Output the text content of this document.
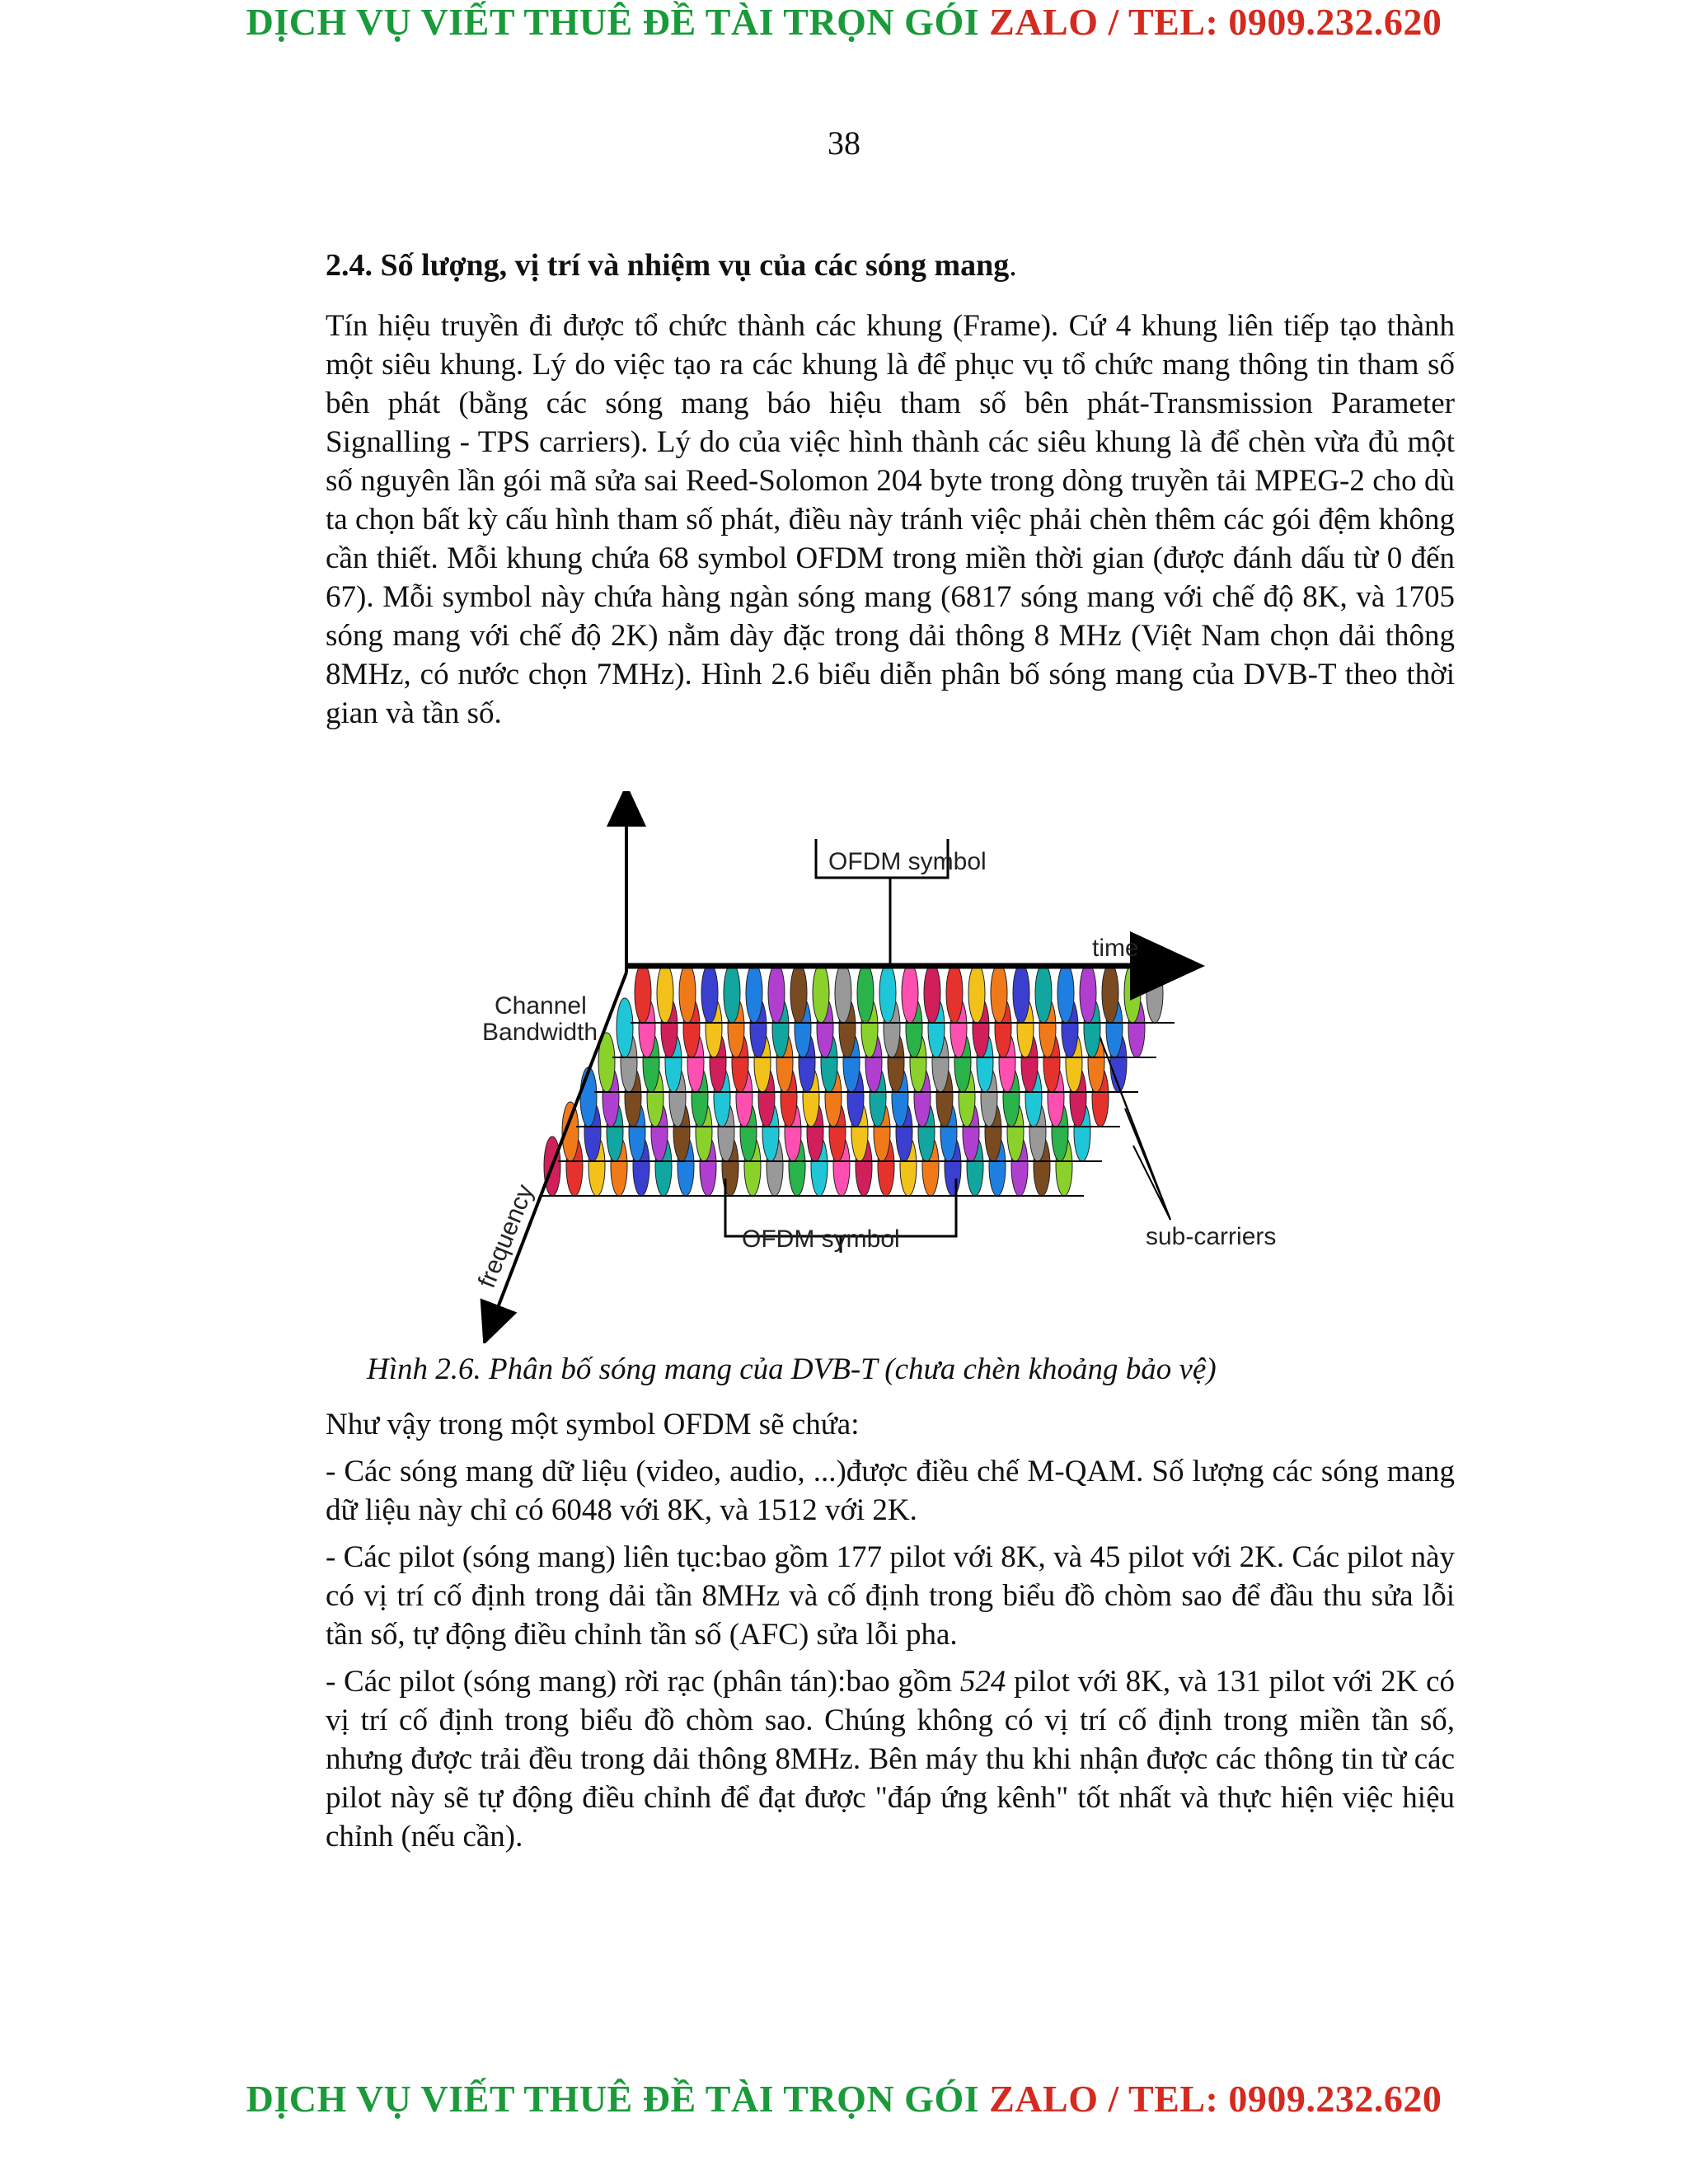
DỊCH VỤ VIẾT THUÊ ĐỀ TÀI TRỌN GÓI ZALO / TEL: 0909.232.620
38
2.4. Số lượng, vị trí và nhiệm vụ của các sóng mang.
Tín hiệu truyền đi được tổ chức thành các khung (Frame). Cứ 4 khung liên tiếp tạo thành một siêu khung. Lý do việc tạo ra các khung là để phục vụ tổ chức mang thông tin tham số bên phát (bằng các sóng mang báo hiệu tham số bên phát-Transmission Parameter Signalling - TPS carriers). Lý do của việc hình thành các siêu khung là để chèn vừa đủ một số nguyên lần gói mã sửa sai Reed-Solomon 204 byte trong dòng truyền tải MPEG-2 cho dù ta chọn bất kỳ cấu hình tham số phát, điều này tránh việc phải chèn thêm các gói đệm không cần thiết. Mỗi khung chứa 68 symbol OFDM trong miền thời gian (được đánh dấu từ 0 đến 67). Mỗi symbol này chứa hàng ngàn sóng mang (6817 sóng mang với chế độ 8K, và 1705 sóng mang với chế độ 2K) nằm dày đặc trong dải thông 8 MHz (Việt Nam chọn dải thông 8MHz, có nước chọn 7MHz). Hình 2.6 biểu diễn phân bố sóng mang của DVB-T theo thời gian và tần số.
OFDM symbol
time
Channel
Bandwidth
OFDM symbol	sub-carriers
frequency
Hình 2.6. Phân bố sóng mang của DVB-T (chưa chèn khoảng bảo vệ)

Như vậy trong một symbol OFDM sẽ chứa:

- Các sóng mang dữ liệu (video, audio, ...)được điều chế M-QAM. Số lượng các sóng mang dữ liệu này chỉ có 6048 với 8K, và 1512 với 2K.

- Các pilot (sóng mang) liên tục:bao gồm 177 pilot với 8K, và 45 pilot với 2K. Các pilot này có vị trí cố định trong dải tần 8MHz và cố định trong biểu đồ chòm sao để đầu thu sửa lỗi tần số, tự động điều chỉnh tần số (AFC) sửa lỗi pha.

- Các pilot (sóng mang) rời rạc (phân tán):bao gồm 524 pilot với 8K, và 131 pilot với 2K có vị trí cố định trong biểu đồ chòm sao. Chúng không có vị trí cố định trong miền tần số, nhưng được trải đều trong dải thông 8MHz. Bên máy thu khi nhận được các thông tin từ các pilot này sẽ tự động điều chỉnh để đạt được "đáp ứng kênh" tốt nhất và thực hiện việc hiệu chỉnh (nếu cần).

DỊCH VỤ VIẾT THUÊ ĐỀ TÀI TRỌN GÓI ZALO / TEL: 0909.232.620
